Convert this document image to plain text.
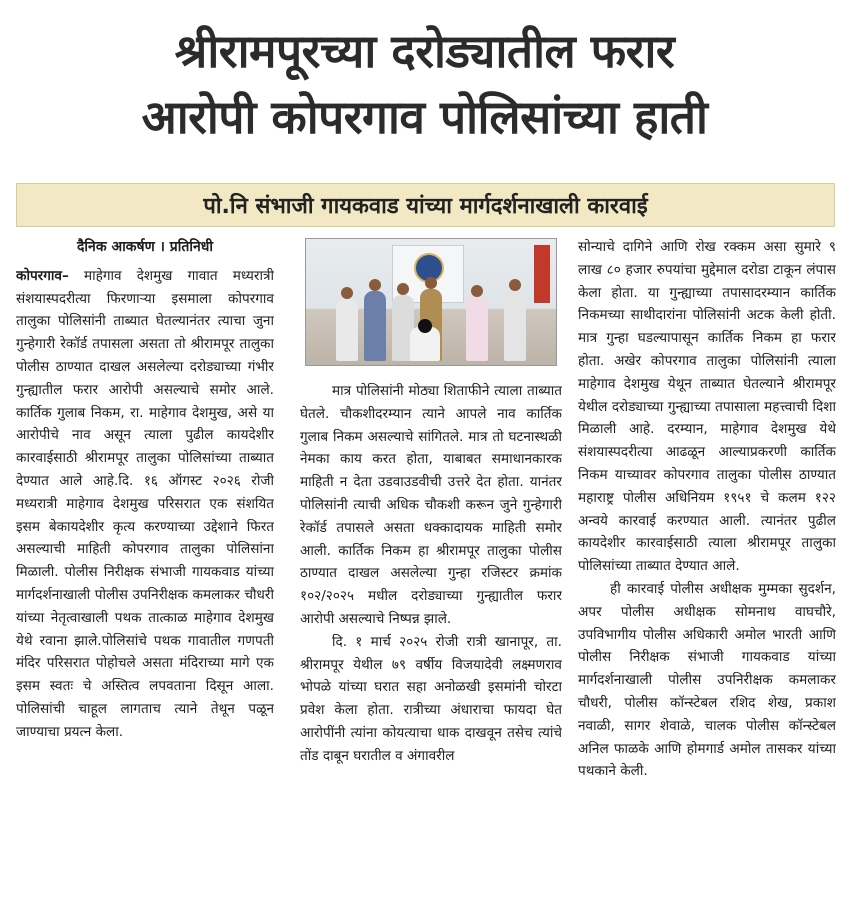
श्रीरामपूरच्या दरोड्यातील फरार
आरोपी कोपरगाव पोलिसांच्या हाती
पो.नि संभाजी गायकवाड यांच्या मार्गदर्शनाखाली कारवाई
दैनिक आकर्षण । प्रतिनिधी

कोपरगाव– माहेगाव देशमुख गावात मध्यरात्री संशयास्पदरीत्या फिरणाऱ्या इसमाला कोपरगाव तालुका पोलिसांनी ताब्यात घेतल्यानंतर त्याचा जुना गुन्हेगारी रेकॉर्ड तपासला असता तो श्रीरामपूर तालुका पोलीस ठाण्यात दाखल असलेल्या दरोड्याच्या गंभीर गुन्ह्यातील फरार आरोपी असल्याचे समोर आले. कार्तिक गुलाब निकम, रा. माहेगाव देशमुख, असे या आरोपीचे नाव असून त्याला पुढील कायदेशीर कारवाईसाठी श्रीरामपूर तालुका पोलिसांच्या ताब्यात देण्यात आले आहे.दि. १६ ऑगस्ट २०२६ रोजी मध्यरात्री माहेगाव देशमुख परिसरात एक संशयित इसम बेकायदेशीर कृत्य करण्याच्या उद्देशाने फिरत असल्याची माहिती कोपरगाव तालुका पोलिसांना मिळाली. पोलीस निरीक्षक संभाजी गायकवाड यांच्या मार्गदर्शनाखाली पोलीस उपनिरीक्षक कमलाकर चौधरी यांच्या नेतृत्वाखाली पथक तात्काळ माहेगाव देशमुख येथे रवाना झाले.पोलिसांचे पथक गावातील गणपती मंदिर परिसरात पोहोचले असता मंदिराच्या मागे एक इसम स्वतः चे अस्तित्व लपवताना दिसून आला. पोलिसांची चाहूल लागताच त्याने तेथून पळून जाण्याचा प्रयत्न केला.

मात्र पोलिसांनी मोठ्या शिताफीने त्याला ताब्यात घेतले. चौकशीदरम्यान त्याने आपले नाव कार्तिक गुलाब निकम असल्याचे सांगितले. मात्र तो घटनास्थळी नेमका काय करत होता, याबाबत समाधानकारक माहिती न देता उडवाउडवीची उत्तरे देत होता. यानंतर पोलिसांनी त्याची अधिक चौकशी करून जुने गुन्हेगारी रेकॉर्ड तपासले असता धक्कादायक माहिती समोर आली. कार्तिक निकम हा श्रीरामपूर तालुका पोलीस ठाण्यात दाखल असलेल्या गुन्हा रजिस्टर क्रमांक १०२/२०२५ मधील दरोड्याच्या गुन्ह्यातील फरार आरोपी असल्याचे निष्पन्न झाले.

दि. १ मार्च २०२५ रोजी रात्री खानापूर, ता. श्रीरामपूर येथील ७९ वर्षीय विजयादेवी लक्ष्मणराव भोपळे यांच्या घरात सहा अनोळखी इसमांनी चोरटा प्रवेश केला होता. रात्रीच्या अंधाराचा फायदा घेत आरोपींनी त्यांना कोयत्याचा धाक दाखवून तसेच त्यांचे तोंड दाबून घरातील व अंगावरील

सोन्याचे दागिने आणि रोख रक्कम असा सुमारे ९ लाख ८० हजार रुपयांचा मुद्देमाल दरोडा टाकून लंपास केला होता. या गुन्ह्याच्या तपासादरम्यान कार्तिक निकमच्या साथीदारांना पोलिसांनी अटक केली होती. मात्र गुन्हा घडल्यापासून कार्तिक निकम हा फरार होता. अखेर कोपरगाव तालुका पोलिसांनी त्याला माहेगाव देशमुख येथून ताब्यात घेतल्याने श्रीरामपूर येथील दरोड्याच्या गुन्ह्याच्या तपासाला महत्त्वाची दिशा मिळाली आहे. दरम्यान, माहेगाव देशमुख येथे संशयास्पदरीत्या आढळून आल्याप्रकरणी कार्तिक निकम याच्यावर कोपरगाव तालुका पोलीस ठाण्यात महाराष्ट्र पोलीस अधिनियम १९५१ चे कलम १२२ अन्वये कारवाई करण्यात आली. त्यानंतर पुढील कायदेशीर कारवाईसाठी त्याला श्रीरामपूर तालुका पोलिसांच्या ताब्यात देण्यात आले.

ही कारवाई पोलीस अधीक्षक मुम्मका सुदर्शन, अपर पोलीस अधीक्षक सोमनाथ वाघचौरे, उपविभागीय पोलीस अधिकारी अमोल भारती आणि पोलीस निरीक्षक संभाजी गायकवाड यांच्या मार्गदर्शनाखाली पोलीस उपनिरीक्षक कमलाकर चौधरी, पोलीस कॉन्स्टेबल रशिद शेख, प्रकाश नवाळी, सागर शेवाळे, चालक पोलीस कॉन्स्टेबल अनिल फाळके आणि होमगार्ड अमोल तासकर यांच्या पथकाने केली.
